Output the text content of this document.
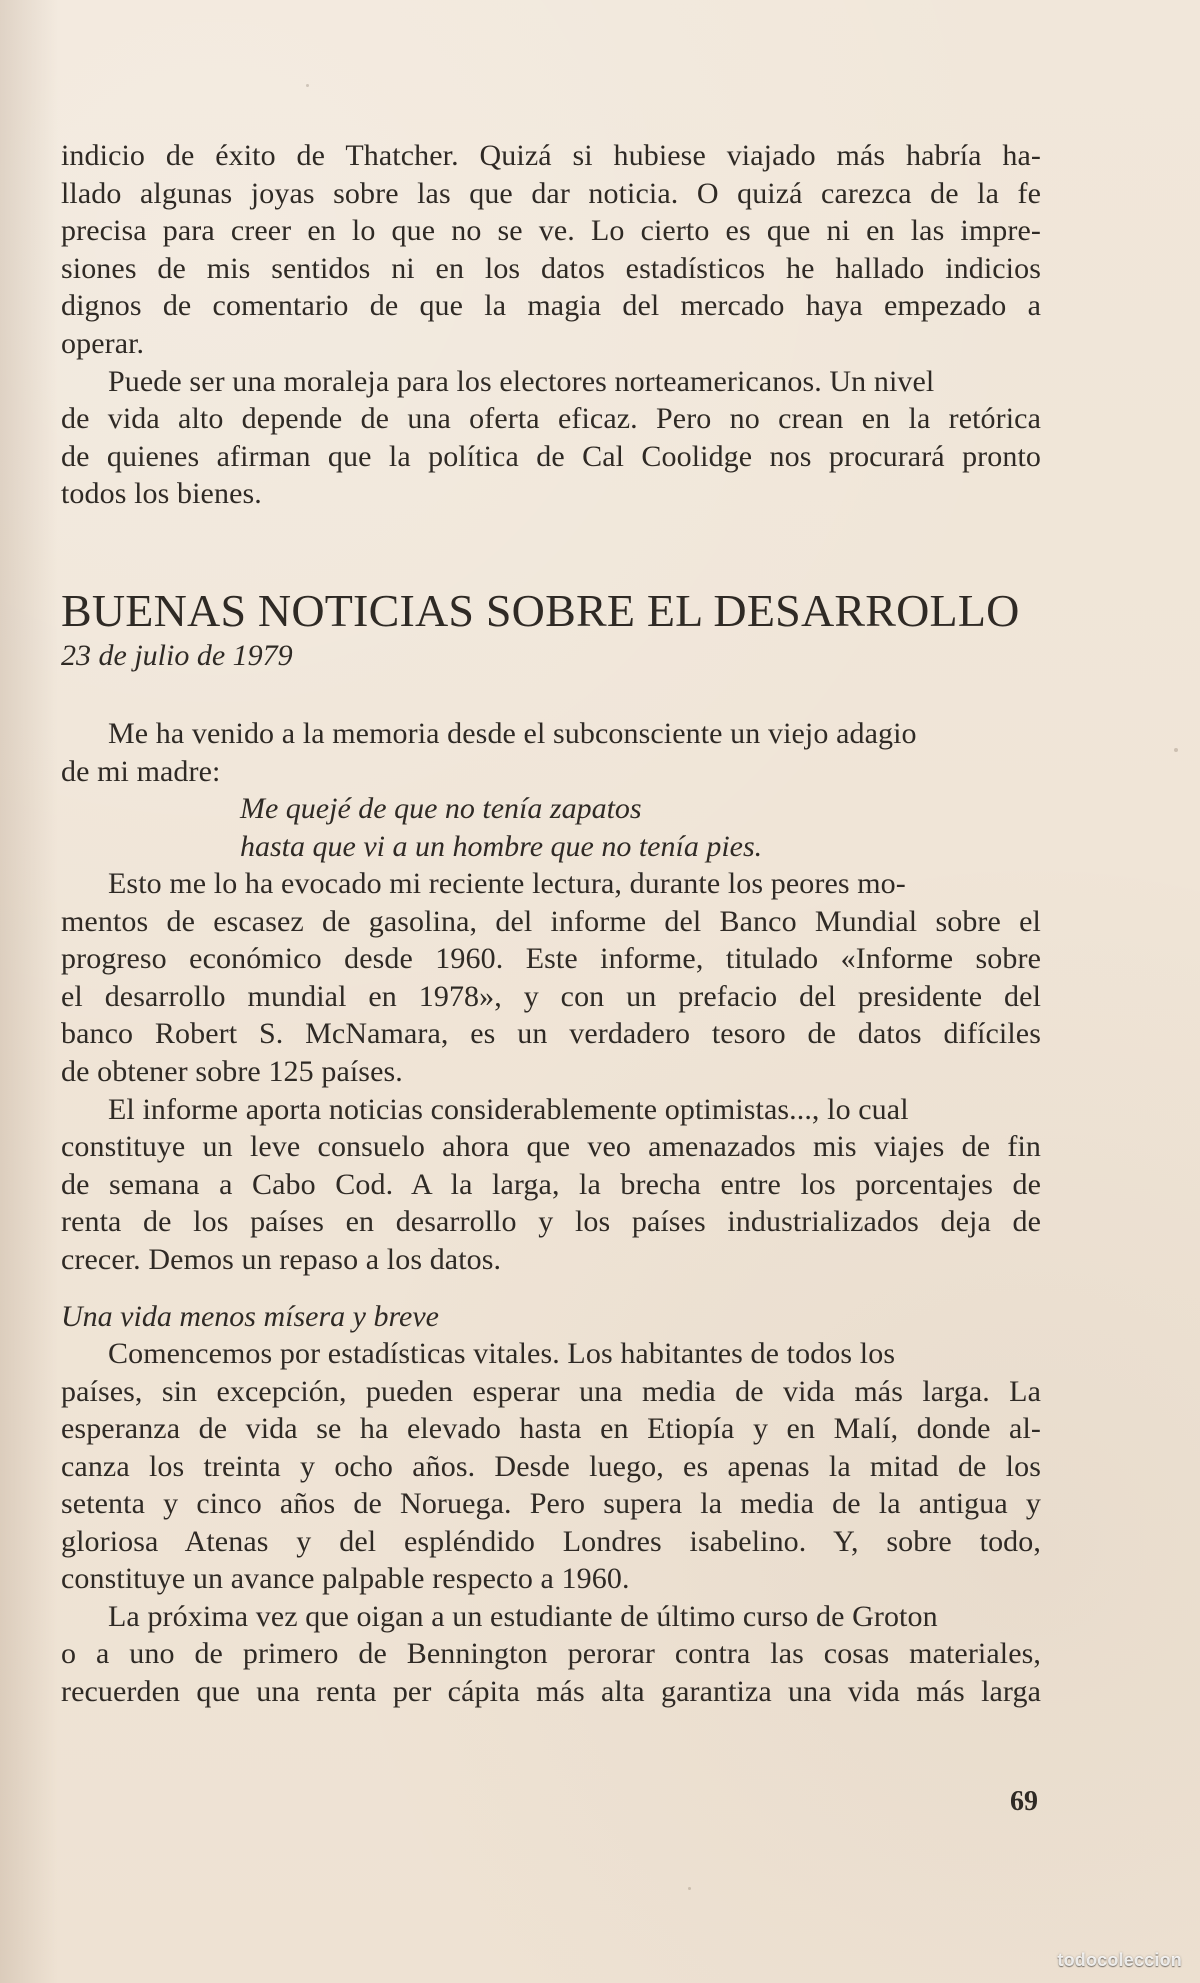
indicio de éxito de Thatcher. Quizá si hubiese viajado más habría ha-
llado algunas joyas sobre las que dar noticia. O quizá carezca de la fe
precisa para creer en lo que no se ve. Lo cierto es que ni en las impre-
siones de mis sentidos ni en los datos estadísticos he hallado indicios
dignos de comentario de que la magia del mercado haya empezado a
operar.
Puede ser una moraleja para los electores norteamericanos. Un nivel
de vida alto depende de una oferta eficaz. Pero no crean en la retórica
de quienes afirman que la política de Cal Coolidge nos procurará pronto
todos los bienes.
BUENAS NOTICIAS SOBRE EL DESARROLLO
23 de julio de 1979
Me ha venido a la memoria desde el subconsciente un viejo adagio
de mi madre:
Me quejé de que no tenía zapatos
hasta que vi a un hombre que no tenía pies.
Esto me lo ha evocado mi reciente lectura, durante los peores mo-
mentos de escasez de gasolina, del informe del Banco Mundial sobre el
progreso económico desde 1960. Este informe, titulado «Informe sobre
el desarrollo mundial en 1978», y con un prefacio del presidente del
banco Robert S. McNamara, es un verdadero tesoro de datos difíciles
de obtener sobre 125 países.
El informe aporta noticias considerablemente optimistas..., lo cual
constituye un leve consuelo ahora que veo amenazados mis viajes de fin
de semana a Cabo Cod. A la larga, la brecha entre los porcentajes de
renta de los países en desarrollo y los países industrializados deja de
crecer. Demos un repaso a los datos.
Una vida menos mísera y breve
Comencemos por estadísticas vitales. Los habitantes de todos los
países, sin excepción, pueden esperar una media de vida más larga. La
esperanza de vida se ha elevado hasta en Etiopía y en Malí, donde al-
canza los treinta y ocho años. Desde luego, es apenas la mitad de los
setenta y cinco años de Noruega. Pero supera la media de la antigua y
gloriosa Atenas y del espléndido Londres isabelino. Y, sobre todo,
constituye un avance palpable respecto a 1960.
La próxima vez que oigan a un estudiante de último curso de Groton
o a uno de primero de Bennington perorar contra las cosas materiales,
recuerden que una renta per cápita más alta garantiza una vida más larga
69
todocoleccion
